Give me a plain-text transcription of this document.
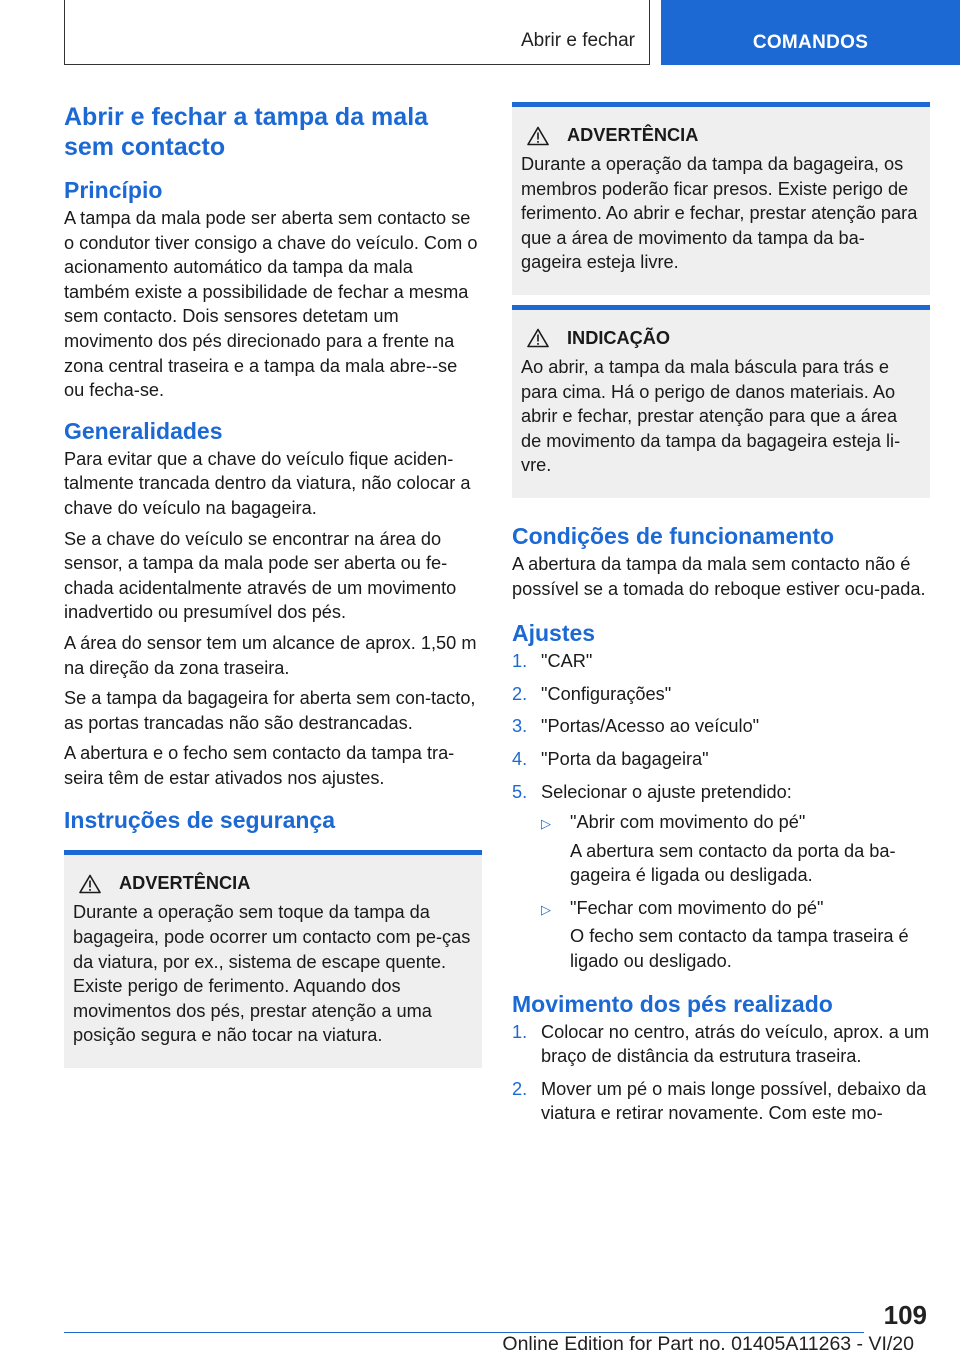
Abrir e fechar	COMANDOS
Abrir e fechar a tampa da mala sem contacto
Princípio

A tampa da mala pode ser aberta sem contacto se o condutor tiver consigo a chave do veículo. Com o acionamento automático da tampa da mala também existe a possibilidade de fechar a mesma sem contacto. Dois sensores detetam um movimento dos pés direcionado para a frente na zona central traseira e a tampa da mala abre--se ou fecha-se.

Generalidades

Para evitar que a chave do veículo fique aciden-talmente trancada dentro da viatura, não colocar a chave do veículo na bagageira.

Se a chave do veículo se encontrar na área do sensor, a tampa da mala pode ser aberta ou fe-chada acidentalmente através de um movimento inadvertido ou presumível dos pés.

A área do sensor tem um alcance de aprox. 1,50 m na direção da zona traseira.

Se a tampa da bagageira for aberta sem con-tacto, as portas trancadas não são destrancadas.

A abertura e o fecho sem contacto da tampa tra-seira têm de estar ativados nos ajustes.

Instruções de segurança
ADVERTÊNCIA

Durante a operação sem toque da tampa da bagageira, pode ocorrer um contacto com pe-ças da viatura, por ex., sistema de escape quente. Existe perigo de ferimento. Aquando dos movimentos dos pés, prestar atenção a uma posição segura e não tocar na viatura.

ADVERTÊNCIA

Durante a operação da tampa da bagageira, os membros poderão ficar presos. Existe perigo de ferimento. Ao abrir e fechar, prestar atenção para que a área de movimento da tampa da ba-gageira esteja livre.

INDICAÇÃO

Ao abrir, a tampa da mala báscula para trás e para cima. Há o perigo de danos materiais. Ao abrir e fechar, prestar atenção para que a área de movimento da tampa da bagageira esteja li-vre.

Condições de funcionamento

A abertura da tampa da mala sem contacto não é possível se a tomada do reboque estiver ocu-pada.

Ajustes
1. "CAR"
2. "Configurações"
3. "Portas/Acesso ao veículo"
4. "Porta da bagageira"
5. Selecionar o ajuste pretendido:
▷	"Abrir com movimento do pé"
A abertura sem contacto da porta da ba-gageira é ligada ou desligada.
▷	"Fechar com movimento do pé"
O fecho sem contacto da tampa traseira é ligado ou desligado.
Movimento dos pés realizado
1. Colocar no centro, atrás do veículo, aprox. a um braço de distância da estrutura traseira.
2. Mover um pé o mais longe possível, debaixo da viatura e retirar novamente. Com este mo-
109
Online Edition for Part no. 01405A11263 - VI/20
